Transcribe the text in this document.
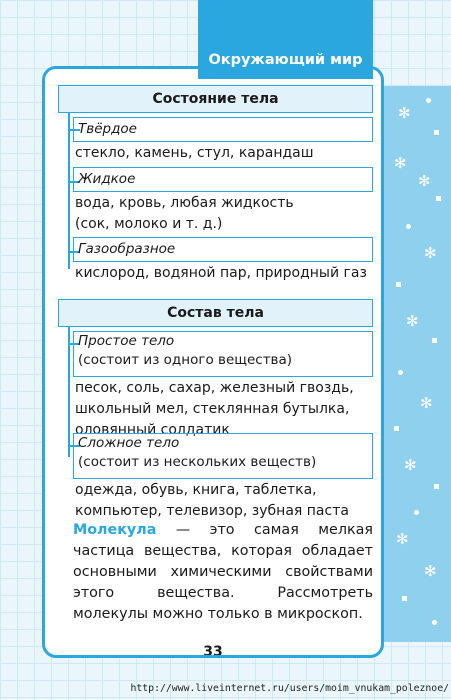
✻
✻
✻
✻
✻
✻
✻
✻
✻
Состояние тела
Твёрдое
стекло, камень, стул, карандаш
Жидкое
вода, кровь, любая жидкость
(сок, молоко и т. д.)
Газообразное
кислород, водяной пар, природный газ
Состав тела
Простое тело
(состоит из одного вещества)
песок, соль, сахар, железный гвоздь,
школьный мел, стеклянная бутылка,
оловянный солдатик
Сложное тело
(состоит из нескольких веществ)
одежда, обувь, книга, таблетка,
компьютер, телевизор, зубная паста
Молекула — это самая мелкая частица вещества, которая обладает основными химическими свойствами этого вещества. Рассмотреть молекулы можно только в микроскоп.
33
Окружающий мир
http://www.liveinternet.ru/users/moim_vnukam_poleznoe/
